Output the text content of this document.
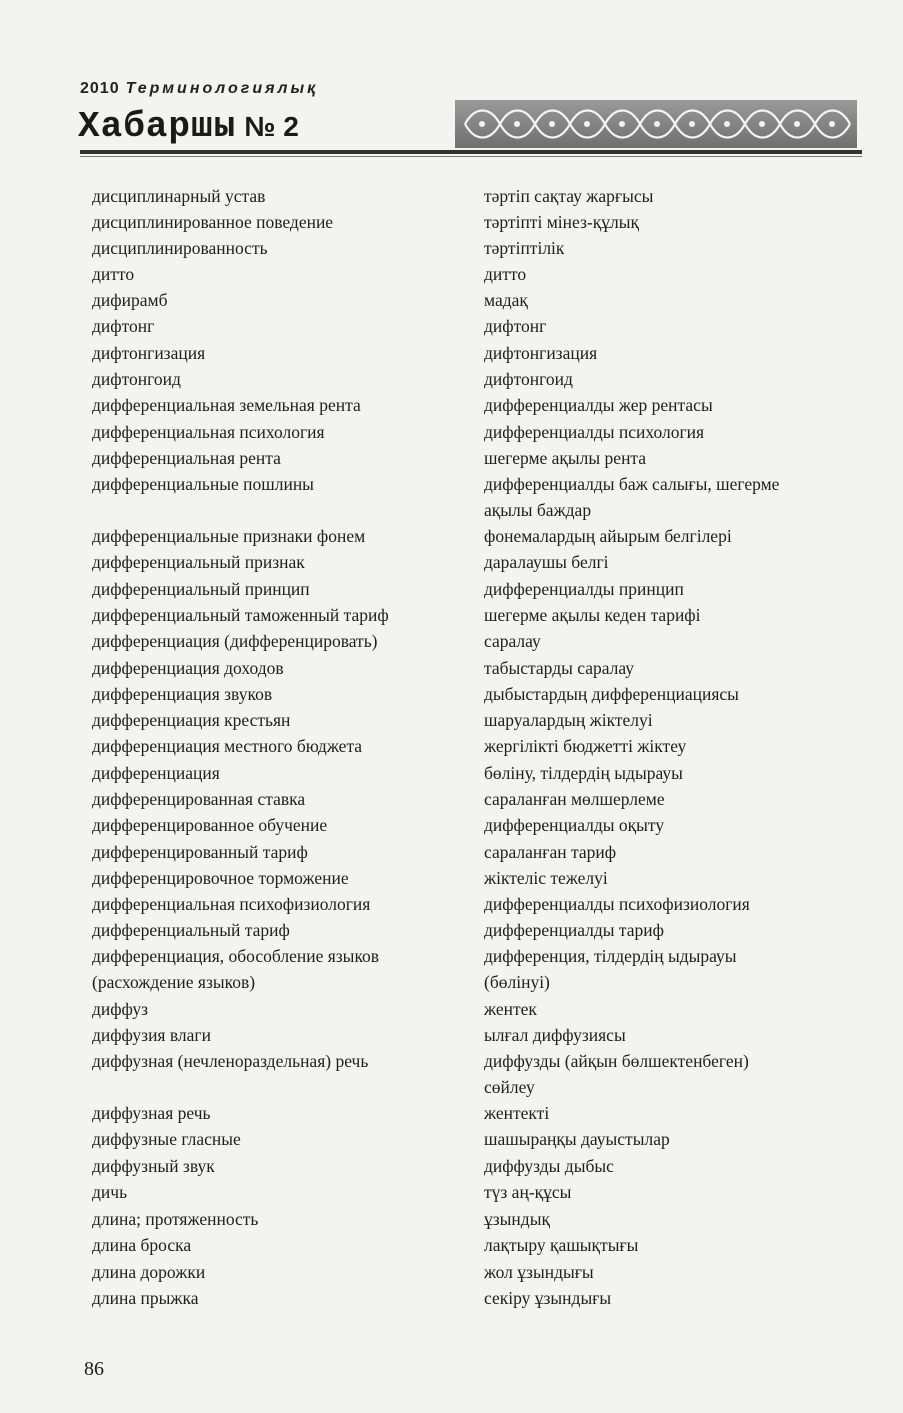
2010 Терминологиялық
Хабаршы № 2
дисциплинарный устав	тәртіп сақтау жарғысы
дисциплинированное поведение	тәртіпті мінез-құлық
дисциплинированность	тәртіптілік
дитто	дитто
дифирамб	мадақ
дифтонг	дифтонг
дифтонгизация	дифтонгизация
дифтонгоид	дифтонгоид
дифференциальная земельная рента	дифференциалды жер рентасы
дифференциальная психология	дифференциалды психология
дифференциальная рента	шегерме ақылы рента
дифференциальные пошлины	дифференциалды баж салығы, шегерме
ақылы баждар
дифференциальные признаки фонем	фонемалардың айырым белгілері
дифференциальный признак	даралаушы белгі
дифференциальный принцип	дифференциалды принцип
дифференциальный таможенный тариф	шегерме ақылы кеден тарифі
дифференциация (дифференцировать)	саралау
дифференциация доходов	табыстарды саралау
дифференциация звуков	дыбыстардың дифференциациясы
дифференциация крестьян	шаруалардың жіктелуі
дифференциация местного бюджета	жергілікті бюджетті жіктеу
дифференциация	бөліну, тілдердің ыдырауы
дифференцированная ставка	сараланған мөлшерлеме
дифференцированное обучение	дифференциалды оқыту
дифференцированный тариф	сараланған тариф
дифференцировочное торможение	жіктеліс тежелуі
дифференциальная психофизиология	дифференциалды психофизиология
дифференциальный тариф	дифференциалды тариф
дифференциация, обособление языков	дифференция, тілдердің ыдырауы
(расхождение языков)	(бөлінуі)
диффуз	жентек
диффузия влаги	ылғал диффузиясы
диффузная (нечленораздельная) речь	диффузды (айқын бөлшектенбеген)
сөйлеу
диффузная речь	жентекті
диффузные гласные	шашыраңқы дауыстылар
диффузный звук	диффузды дыбыс
дичь	түз аң-құсы
длина; протяженность	ұзындық
длина броска	лақтыру қашықтығы
длина дорожки	жол ұзындығы
длина прыжка	секіру ұзындығы
86
